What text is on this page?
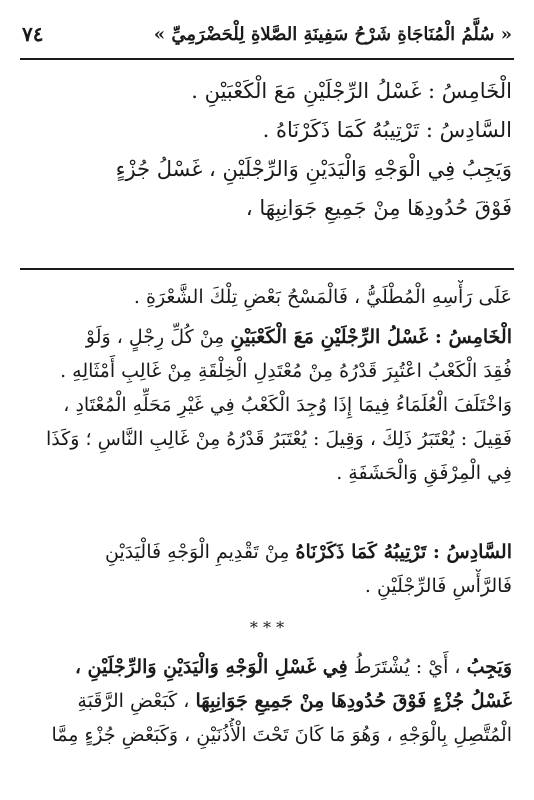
٧٤	« سُلَّمُ الْمُنَاجَاةِ شَرْحُ سَفِينَةِ الصَّلاةِ لِلْحَضْرَمِيِّ »
الْخَامِسُ : غَسْلُ الرِّجْلَيْنِ مَعَ الْكَعْبَيْنِ .
السَّادِسُ : تَرْتِيبُهُ كَمَا ذَكَرْنَاهُ .
وَيَجِبُ فِي الْوَجْهِ وَالْيَدَيْنِ وَالرِّجْلَيْنِ ، غَسْلُ جُزْءٍ
فَوْقَ حُدُودِهَا مِنْ جَمِيعِ جَوَانِبِهَا ،
عَلَى رَأْسِهِ الْمُطْلَيُّ ، فَالْمَسْحُ بَعْضِ تِلْكَ الشَّعْرَةِ .
الْخَامِسُ : غَسْلُ الرِّجْلَيْنِ مَعَ الْكَعْبَيْنِ مِنْ كُلِّ رِجْلٍ ، وَلَوْ
فُقِدَ الْكَعْبُ اعْتُبِرَ قَدْرُهُ مِنْ مُعْتَدِلِ الْخِلْقَةِ مِنْ غَالِبِ أَمْثَالِهِ .
وَاخْتَلَفَ الْعُلَمَاءُ فِيمَا إِذَا وُجِدَ الْكَعْبُ فِي غَيْرِ مَحَلِّهِ الْمُعْتَادِ ،
فَقِيلَ : يُعْتَبَرُ ذَلِكَ ، وَقِيلَ : يُعْتَبَرُ قَدْرُهُ مِنْ غَالِبِ النَّاسِ ؛ وَكَذَا
فِي الْمِرْفَقِ وَالْحَشَفَةِ .
السَّادِسُ : تَرْتِيبُهُ كَمَا ذَكَرْنَاهُ مِنْ تَقْدِيمِ الْوَجْهِ فَالْيَدَيْنِ
فَالرَّأْسِ فَالرِّجْلَيْنِ .
* * *
وَيَجِبُ ، أَيْ : يُشْتَرَطُ فِي غَسْلِ الْوَجْهِ وَالْيَدَيْنِ وَالرِّجْلَيْنِ ،
غَسْلُ جُزْءٍ فَوْقَ حُدُودِهَا مِنْ جَمِيعِ جَوَانِبِهَا ، كَبَعْضِ الرَّقَبَةِ
الْمُتَّصِلِ بِالْوَجْهِ ، وَهُوَ مَا كَانَ تَحْتَ الْأُذُنَيْنِ ، وَكَبَعْضِ جُزْءٍ مِمَّا
